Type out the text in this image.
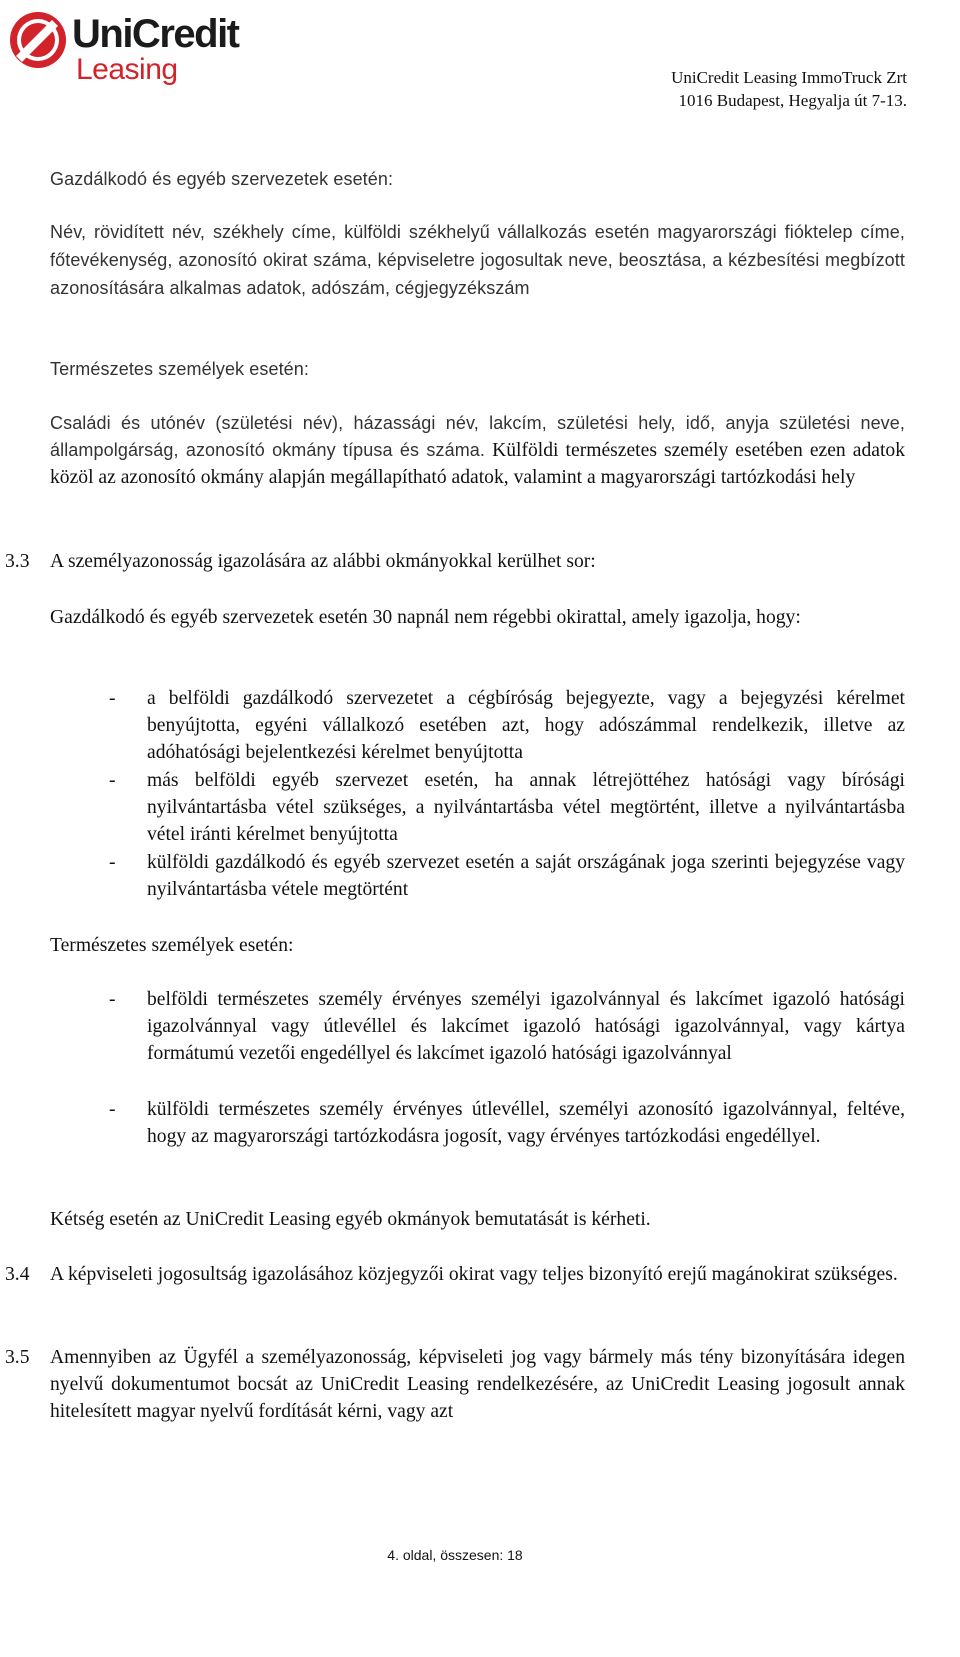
UniCredit
Leasing	UniCredit Leasing ImmoTruck Zrt
1016 Budapest, Hegyalja út 7-13.

Gazdálkodó és egyéb szervezetek esetén:

Név, rövidített név, székhely címe, külföldi székhelyű vállalkozás esetén magyarországi fióktelep címe, főtevékenység, azonosító okirat száma, képviseletre jogosultak neve, beosztása, a kézbesítési megbízott azonosítására alkalmas adatok, adószám, cégjegyzékszám

Természetes személyek esetén:

Családi és utónév (születési név), házassági név, lakcím, születési hely, idő, anyja születési neve, állampolgárság, azonosító okmány típusa és száma. Külföldi természetes személy esetében ezen adatok közöl az azonosító okmány alapján megállapítható adatok, valamint a magyarországi tartózkodási hely

3.3 A személyazonosság igazolására az alábbi okmányokkal kerülhet sor:

Gazdálkodó és egyéb szervezetek esetén 30 napnál nem régebbi okirattal, amely igazolja, hogy:

- a belföldi gazdálkodó szervezetet a cégbíróság bejegyezte, vagy a bejegyzési kérelmet benyújtotta, egyéni vállalkozó esetében azt, hogy adószámmal rendelkezik, illetve az adóhatósági bejelentkezési kérelmet benyújtotta

- más belföldi egyéb szervezet esetén, ha annak létrejöttéhez hatósági vagy bírósági nyilvántartásba vétel szükséges, a nyilvántartásba vétel megtörtént, illetve a nyilvántartásba vétel iránti kérelmet benyújtotta

- külföldi gazdálkodó és egyéb szervezet esetén a saját országának joga szerinti bejegyzése vagy nyilvántartásba vétele megtörtént

Természetes személyek esetén:

- belföldi természetes személy érvényes személyi igazolvánnyal és lakcímet igazoló hatósági igazolvánnyal vagy útlevéllel és lakcímet igazoló hatósági igazolvánnyal, vagy kártya formátumú vezetői engedéllyel és lakcímet igazoló hatósági igazolvánnyal

- külföldi természetes személy érvényes útlevéllel, személyi azonosító igazolvánnyal, feltéve, hogy az magyarországi tartózkodásra jogosít, vagy érvényes tartózkodási engedéllyel.

Kétség esetén az UniCredit Leasing egyéb okmányok bemutatását is kérheti.

3.4 A képviseleti jogosultság igazolásához közjegyzői okirat vagy teljes bizonyító erejű magánokirat szükséges.

3.5 Amennyiben az Ügyfél a személyazonosság, képviseleti jog vagy bármely más tény bizonyítására idegen nyelvű dokumentumot bocsát az UniCredit Leasing rendelkezésére, az UniCredit Leasing jogosult annak hitelesített magyar nyelvű fordítását kérni, vagy azt

4. oldal, összesen: 18
